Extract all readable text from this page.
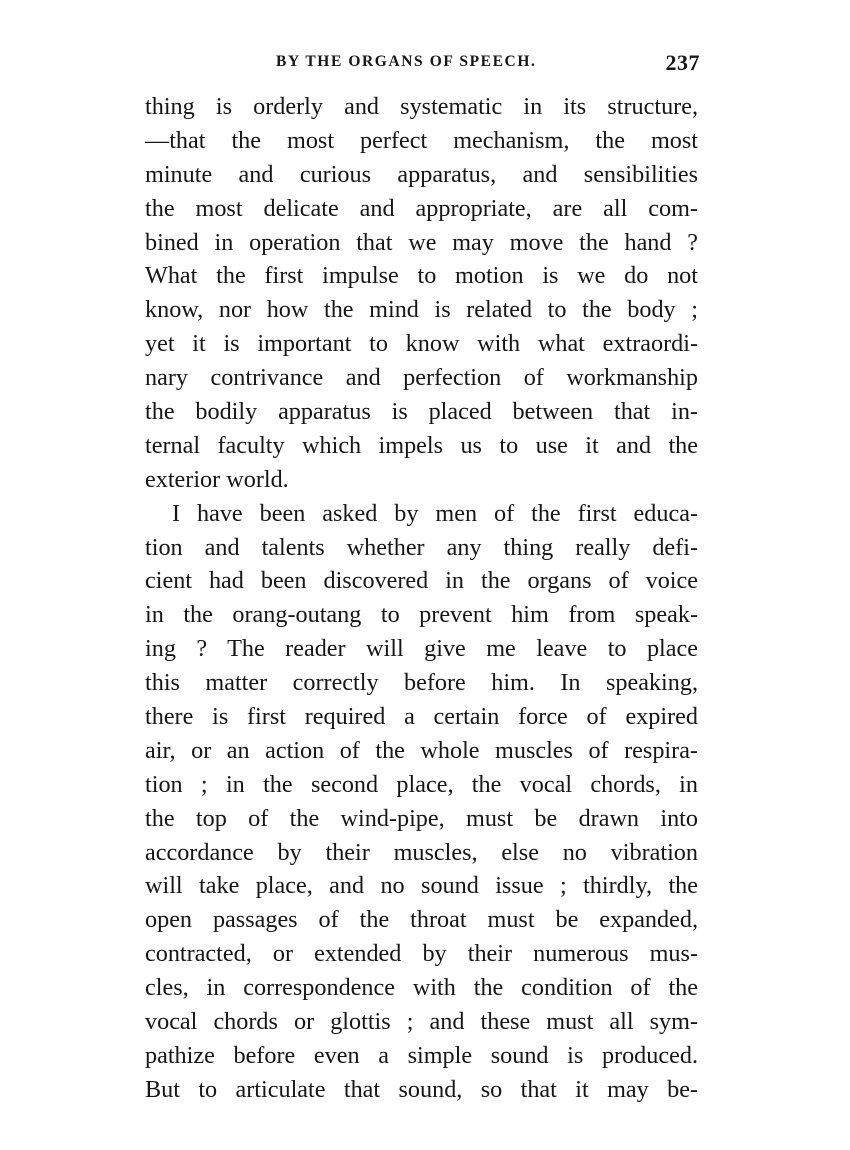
BY THE ORGANS OF SPEECH.	237
thing is orderly and systematic in its structure,
—that the most perfect mechanism, the most
minute and curious apparatus, and sensibilities
the most delicate and appropriate, are all com-
bined in operation that we may move the hand ?
What the first impulse to motion is we do not
know, nor how the mind is related to the body ;
yet it is important to know with what extraordi-
nary contrivance and perfection of workmanship
the bodily apparatus is placed between that in-
ternal faculty which impels us to use it and the
exterior world.
I have been asked by men of the first educa-
tion and talents whether any thing really defi-
cient had been discovered in the organs of voice
in the orang-outang to prevent him from speak-
ing ? The reader will give me leave to place
this matter correctly before him. In speaking,
there is first required a certain force of expired
air, or an action of the whole muscles of respira-
tion ; in the second place, the vocal chords, in
the top of the wind-pipe, must be drawn into
accordance by their muscles, else no vibration
will take place, and no sound issue ; thirdly, the
open passages of the throat must be expanded,
contracted, or extended by their numerous mus-
cles, in correspondence with the condition of the
vocal chords or glottis ; and these must all sym-
pathize before even a simple sound is produced.
But to articulate that sound, so that it may be-
